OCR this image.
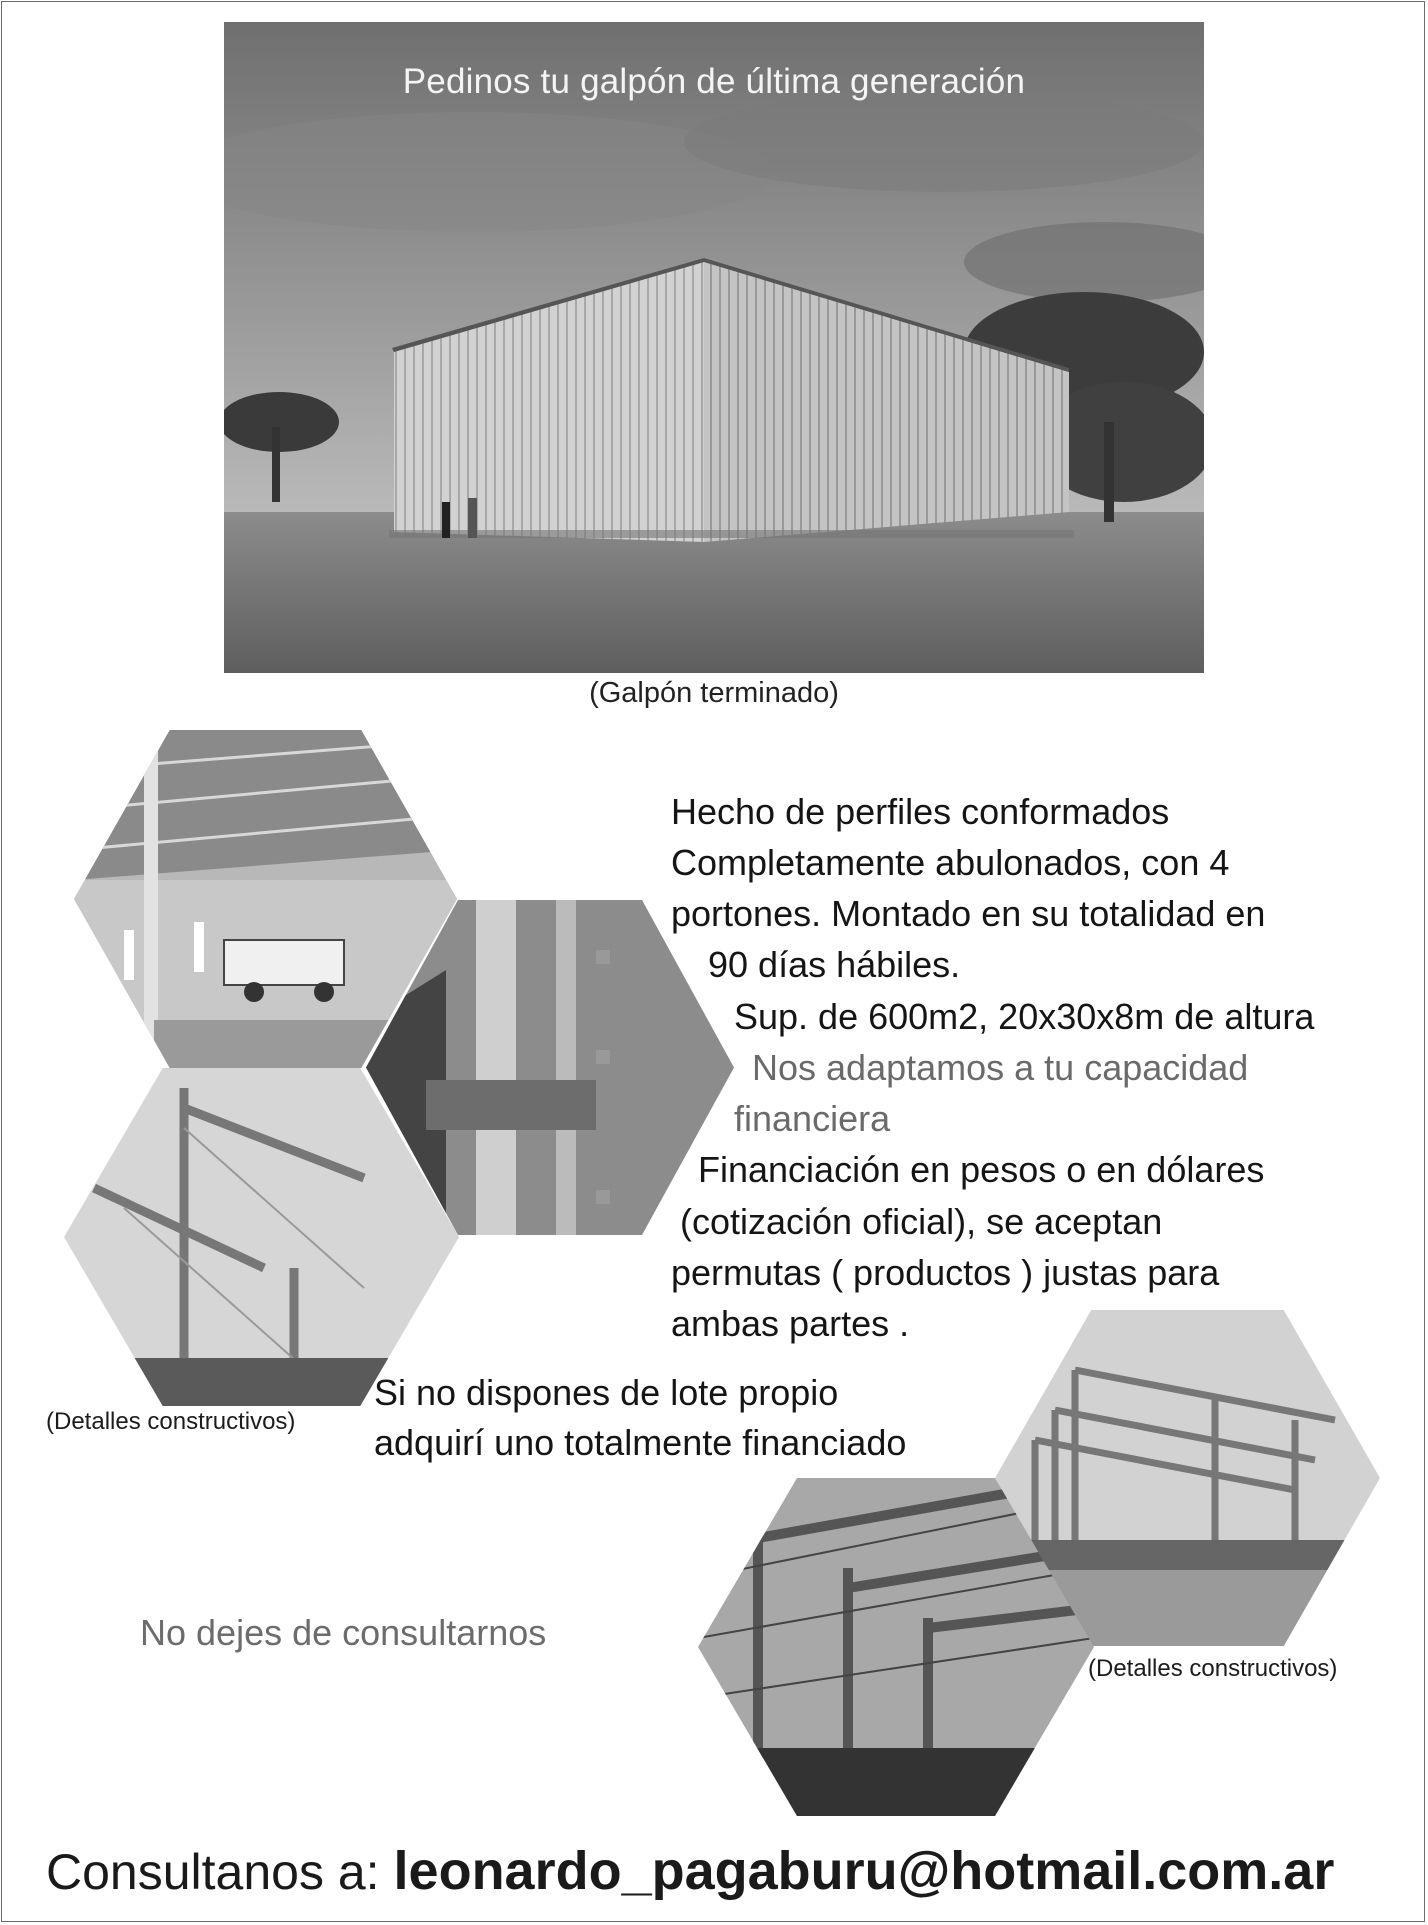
Pedinos tu galpón de última generación
(Galpón terminado)
Hecho de perfiles conformados
Completamente abulonados, con 4
portones. Montado en su totalidad en
90 días hábiles.
Sup. de 600m2, 20x30x8m de altura
Nos adaptamos a tu capacidad
financiera
Financiación en pesos o en dólares
(cotización oficial), se aceptan
permutas ( productos ) justas para
ambas partes .
(Detalles constructivos)
Si no dispones de lote propio
adquirí uno totalmente financiado
No dejes de consultarnos
(Detalles constructivos)
Consultanos a: leonardo_pagaburu@hotmail.com.ar
